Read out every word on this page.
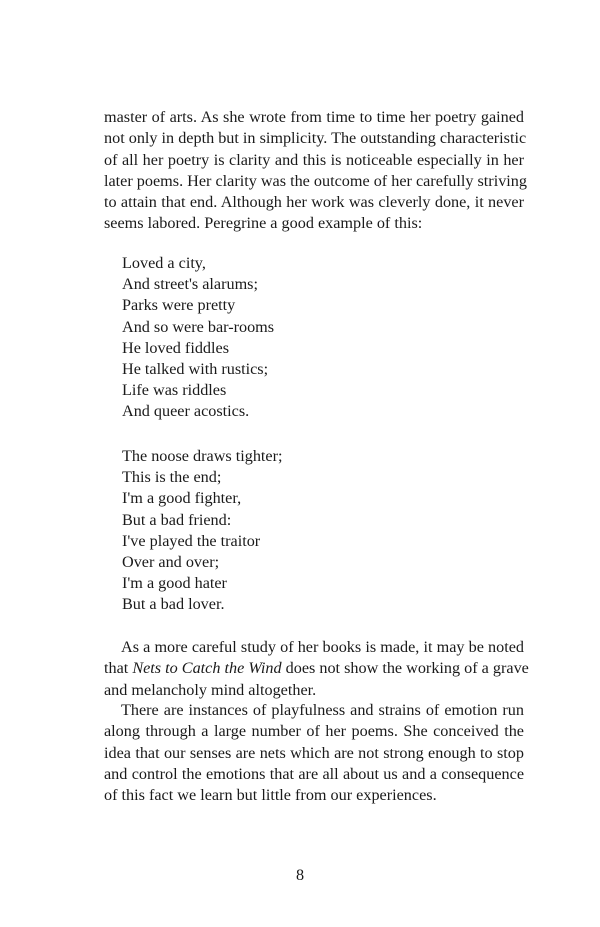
master of arts. As she wrote from time to time her poetry gained
not only in depth but in simplicity. The outstanding characteristic
of all her poetry is clarity and this is noticeable especially in her
later poems. Her clarity was the outcome of her carefully striving
to attain that end. Although her work was cleverly done, it never
seems labored. Peregrine a good example of this:

Loved a city,
And street's alarums;
Parks were pretty
And so were bar-rooms
He loved fiddles
He talked with rustics;
Life was riddles
And queer acostics.

The noose draws tighter;
This is the end;
I'm a good fighter,
But a bad friend:
I've played the traitor
Over and over;
I'm a good hater
But a bad lover.

As a more careful study of her books is made, it may be noted
that Nets to Catch the Wind does not show the working of a grave
and melancholy mind altogether.

There are instances of playfulness and strains of emotion run
along through a large number of her poems. She conceived the
idea that our senses are nets which are not strong enough to stop
and control the emotions that are all about us and a consequence
of this fact we learn but little from our experiences.

8
